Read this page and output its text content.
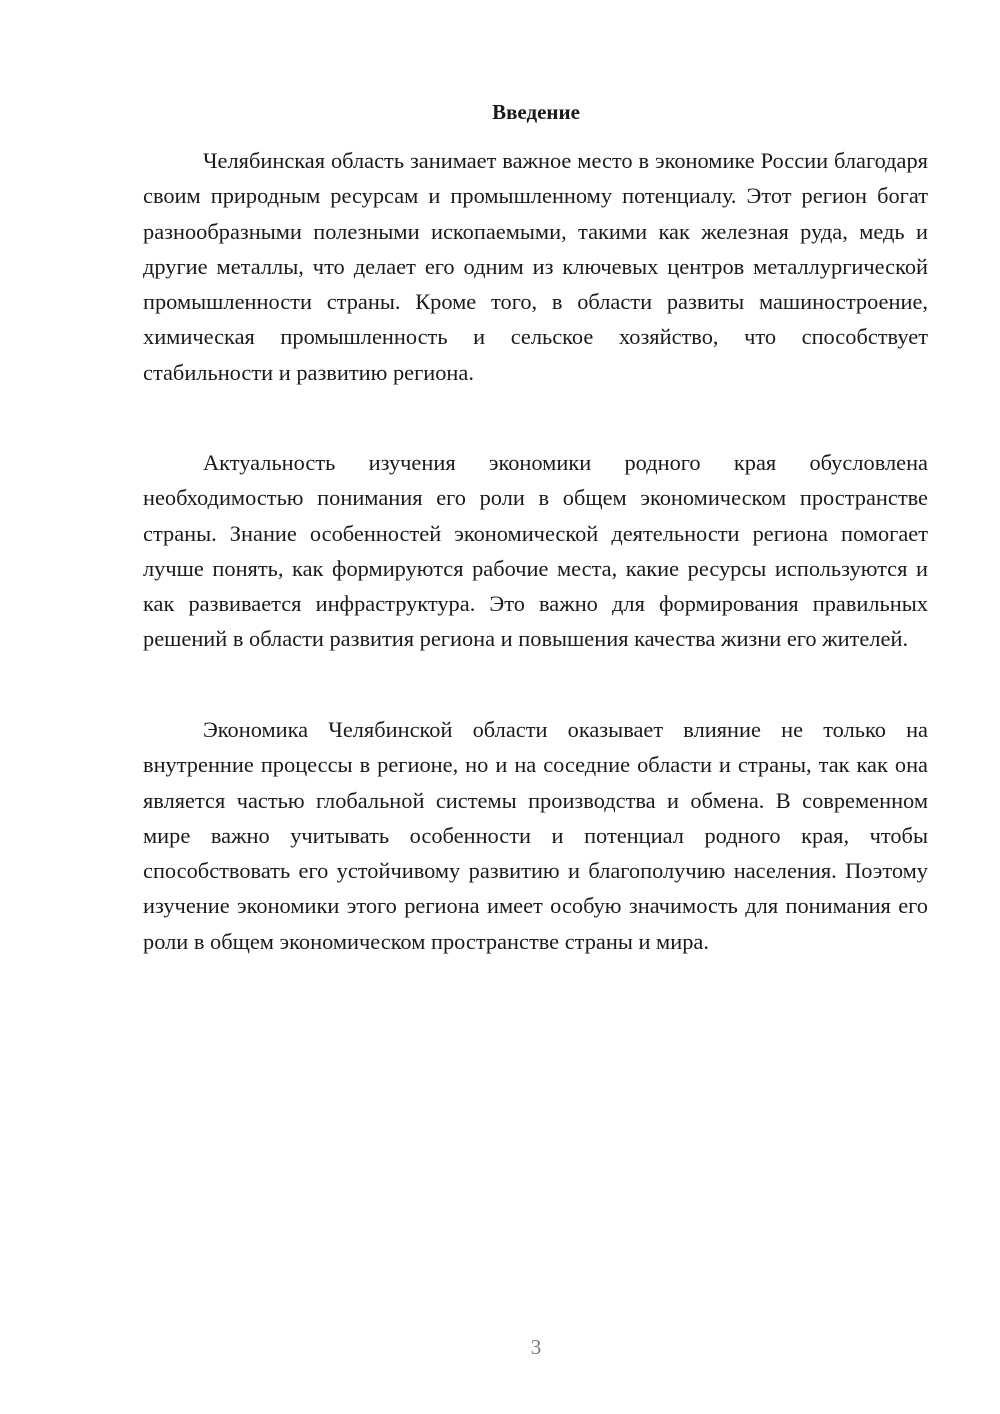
Введение

Челябинская область занимает важное место в экономике России благодаря своим природным ресурсам и промышленному потенциалу. Этот регион богат разнообразными полезными ископаемыми, такими как железная руда, медь и другие металлы, что делает его одним из ключевых центров металлургической промышленности страны. Кроме того, в области развиты машиностроение, химическая промышленность и сельское хозяйство, что способствует стабильности и развитию региона.

Актуальность изучения экономики родного края обусловлена необходимостью понимания его роли в общем экономическом пространстве страны. Знание особенностей экономической деятельности региона помогает лучше понять, как формируются рабочие места, какие ресурсы используются и как развивается инфраструктура. Это важно для формирования правильных решений в области развития региона и повышения качества жизни его жителей.

Экономика Челябинской области оказывает влияние не только на внутренние процессы в регионе, но и на соседние области и страны, так как она является частью глобальной системы производства и обмена. В современном мире важно учитывать особенности и потенциал родного края, чтобы способствовать его устойчивому развитию и благополучию населения. Поэтому изучение экономики этого региона имеет особую значимость для понимания его роли в общем экономическом пространстве страны и мира.

3
